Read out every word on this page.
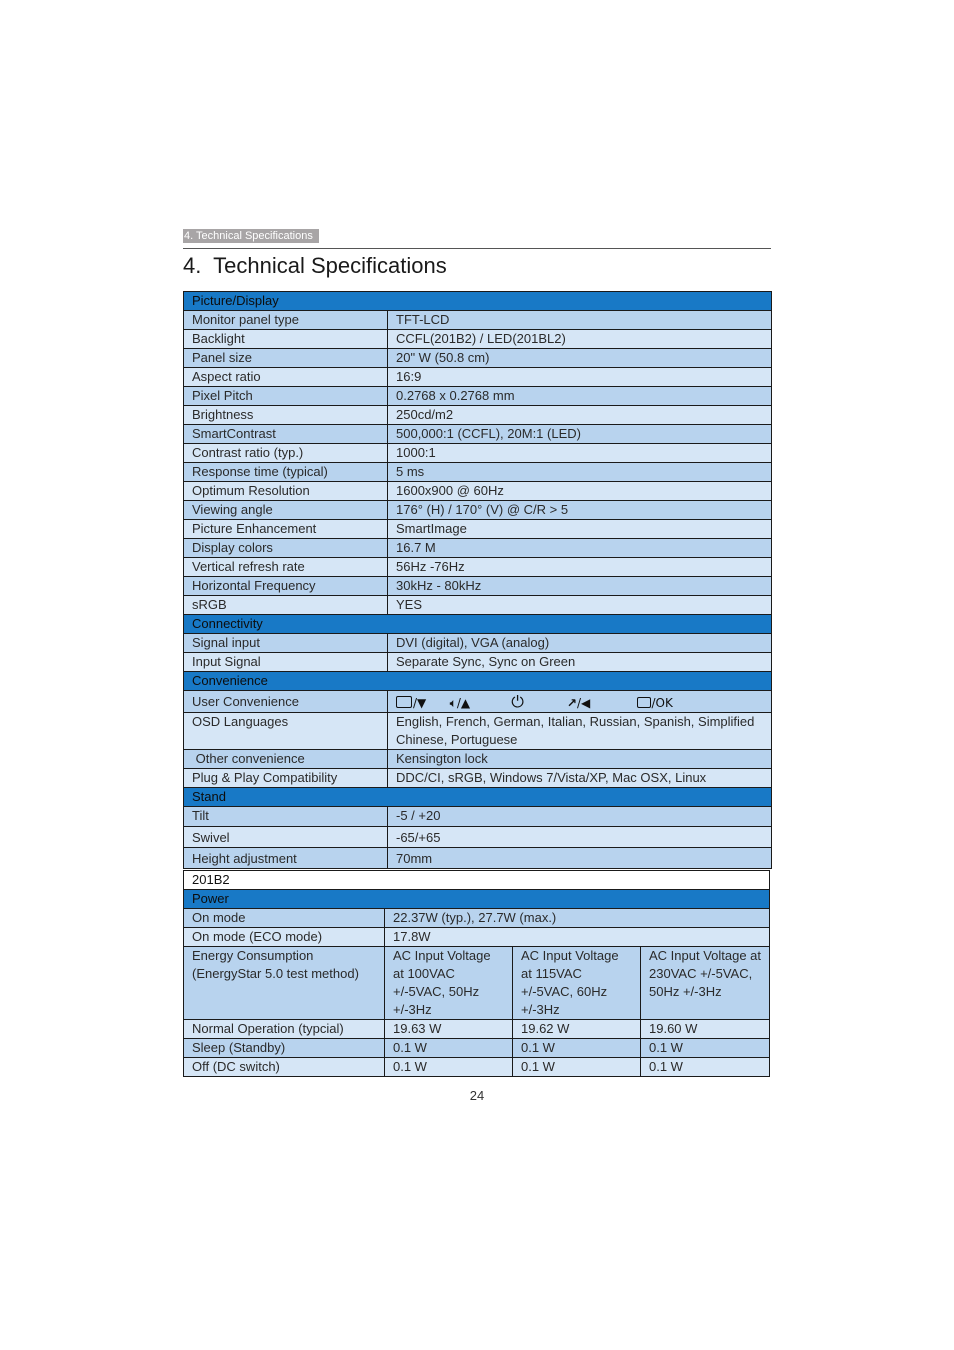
4. Technical Specifications
4.  Technical Specifications
Picture/Display	
Monitor panel type	TFT-LCD
Backlight	CCFL(201B2) / LED(201BL2)
Panel size	20" W (50.8 cm)
Aspect ratio	16:9
Pixel Pitch	0.2768 x 0.2768 mm
Brightness	250cd/m2
SmartContrast	500,000:1 (CCFL), 20M:1 (LED)
Contrast ratio (typ.)	1000:1
Response time (typical)	5 ms
Optimum Resolution	1600x900 @ 60Hz
Viewing angle	176° (H) / 170° (V) @ C/R > 5
Picture Enhancement	SmartImage
Display colors	16.7 M
Vertical refresh rate	56Hz -76Hz
Horizontal Frequency	30kHz - 80kHz
sRGB	YES
Connectivity	
Signal input	DVI (digital), VGA (analog)
Input Signal	Separate Sync, Sync on Green
Convenience	
User Convenience	/▼ 🔈︎/▲ ⏻ ↗︎/◀ /OK
OSD Languages	English, French, German, Italian, Russian, Spanish, Simplified Chinese, Portuguese
Other convenience	Kensington lock
Plug & Play Compatibility	DDC/CI, sRGB, Windows 7/Vista/XP, Mac OSX, Linux
Stand	
Tilt	-5 / +20
Swivel	-65/+65
Height adjustment	70mm
201B2			
Power			
On mode	22.37W (typ.), 27.7W (max.)		
On mode (ECO mode)	17.8W		
Energy Consumption (EnergyStar 5.0 test method)	AC Input Voltage at 100VAC +/-5VAC, 50Hz +/-3Hz	AC Input Voltage at 115VAC +/-5VAC, 60Hz +/-3Hz	AC Input Voltage at 230VAC +/-5VAC, 50Hz +/-3Hz
Normal Operation (typcial)	19.63 W	19.62 W	19.60 W
Sleep (Standby)	0.1 W	0.1 W	0.1 W
Off (DC switch)	0.1 W	0.1 W	0.1 W
24
